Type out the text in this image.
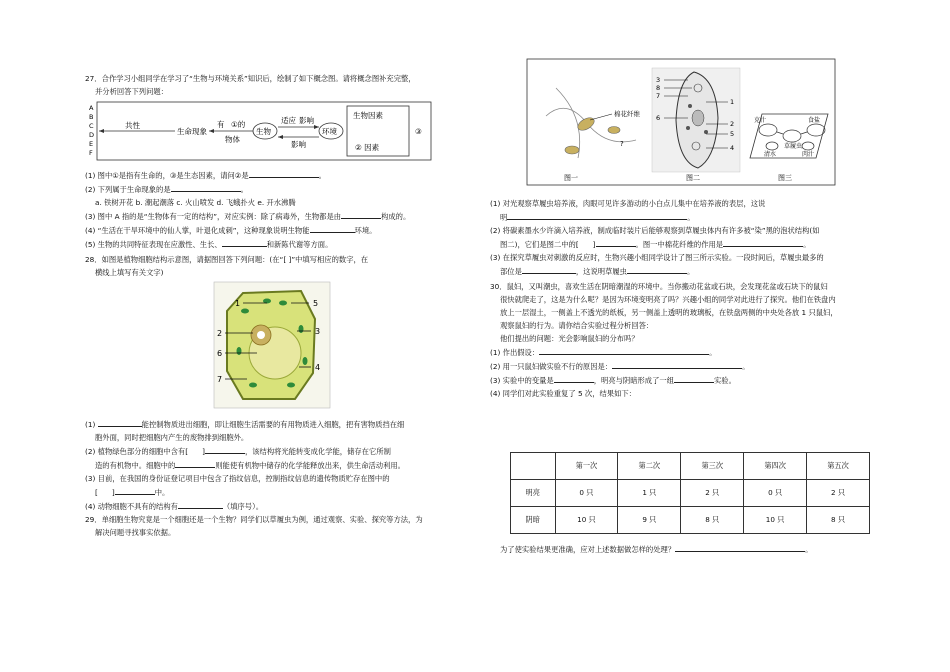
27．合作学习小组同学在学习了“生物与环境关系”知识后，绘制了如下概念图。请将概念图补充完整，
并分析回答下列问题：
A
B
C
D
E
F
共性
生命现象
有 ①的
物体
生物
适应 影响
影响
环境
生物因素
② 因素
③
(1) 图中①是指有生命的，③是生态因素，请问②是	。
(2) 下列属于生命现象的是	。
a. 铁树开花 b. 潮起潮落 c. 火山喷发 d. 飞蛾扑火 e. 开水沸腾
(3) 图中 A 指的是“生物体有一定的结构”，对应实例：除了病毒外，生物都是由	构成的。
(4) “生活在干旱环境中的仙人掌，叶退化成刺”，这种现象说明生物能	环境。
(5) 生物的共同特征表现在应激性、生长、	和新陈代谢等方面。
28．如图是植物细胞结构示意图，请据图回答下列问题：(在“[ ]”中填写相应的数字，在
横线上填写有关文字)
1	5
2	3
6
4
7
(1)	能控制物质进出细胞，即让细胞生活需要的有用物质进入细胞，把有害物质挡在细
胞外面，同时把细胞内产生的废物排到细胞外。
(2) 植物绿色部分的细胞中含有[ ]	，该结构将光能转变成化学能，储存在它所制
造的有机物中。细胞中的	则能使有机物中储存的化学能释放出来，供生命活动利用。
(3) 目前，在我国的身份证登记项目中包含了指纹信息，控制指纹信息的遗传物质贮存在图中的
[ ]	中。
(4) 动物细胞不具有的结构有	（填序号）。
29．单细胞生物究竟是一个细胞还是一个生物？同学们以草履虫为例，通过观察、实验、探究等方法，为
解决问题寻找事实依据。
棉花纤维
?
图一
3
8
7
1
6
2
5
4
图二
克汁	食盐
草履虫
清水	肉汁
图三
(1) 对光观察草履虫培养液，肉眼可见许多游动的小白点儿集中在培养液的表层，这说
明	。
(2) 将碳素墨水少许滴入培养液，制成临时装片后能够观察到草履虫体内有许多被“染”黑的泡状结构(如
图二)，它们是图二中的[ ]	。图一中棉花纤维的作用是	。
(3) 在探究草履虫对刺激的反应时，生物兴趣小组同学设计了图三所示实验。一段时间后，草履虫最多的
部位是	，这说明草履虫	。
30．鼠妇，又叫潮虫，喜欢生活在阴暗潮湿的环境中。当你搬动花盆或石块，会发现花盆或石块下的鼠妇
很快就爬走了，这是为什么呢？是因为环境变明亮了吗？兴趣小组的同学对此进行了探究。他们在铁盘内
放上一层湿土，一侧盖上不透光的纸板，另一侧盖上透明的玻璃板，在铁盘两侧的中央处各放 1 只鼠妇，
观察鼠妇的行为。请你结合实验过程分析回答：
他们提出的问题：光会影响鼠妇的分布吗？
(1) 作出假设：	。
(2) 用一只鼠妇做实验不行的原因是：	。
(3) 实验中的变量是	，明亮与阴暗形成了一组	实验。
(4) 同学们对此实验重复了 5 次，结果如下：
	第一次	第二次	第三次	第四次	第五次
明亮	0 只	1 只	2 只	0 只	2 只
阴暗	10 只	9 只	8 只	10 只	8 只
为了使实验结果更准确，应对上述数据做怎样的处理？	。
